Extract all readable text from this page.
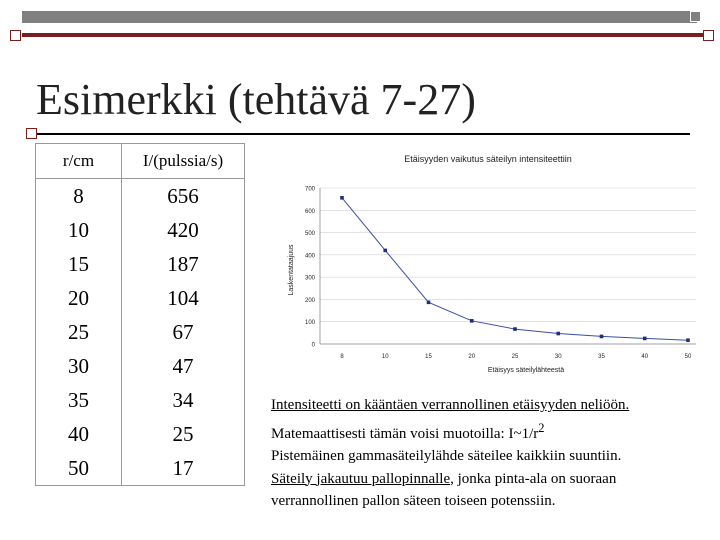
Esimerkki (tehtävä 7-27)
r/cm	I/(pulssia/s)
8	656
10	420
15	187
20	104
25	67
30	47
35	34
40	25
50	17
Etäisyyden vaikutus säteilyn intensiteettiin
Laskentataajuus
Etäisyys säteilylähteestä
0
100
200
300
400
500
600
700
8	10	15	20	25	30	35	40	50
Intensiteetti on kääntäen verrannollinen etäisyyden neliöön.
Matemaattisesti tämän voisi muotoilla: $I\sim 1/r^2$
Pistemäinen gammasäteilylähde säteilee kaikkiin suuntiin.
Säteily jakautuu pallopinnalle, jonka pinta-ala on suoraan
verrannollinen pallon säteen toiseen potenssiin.
